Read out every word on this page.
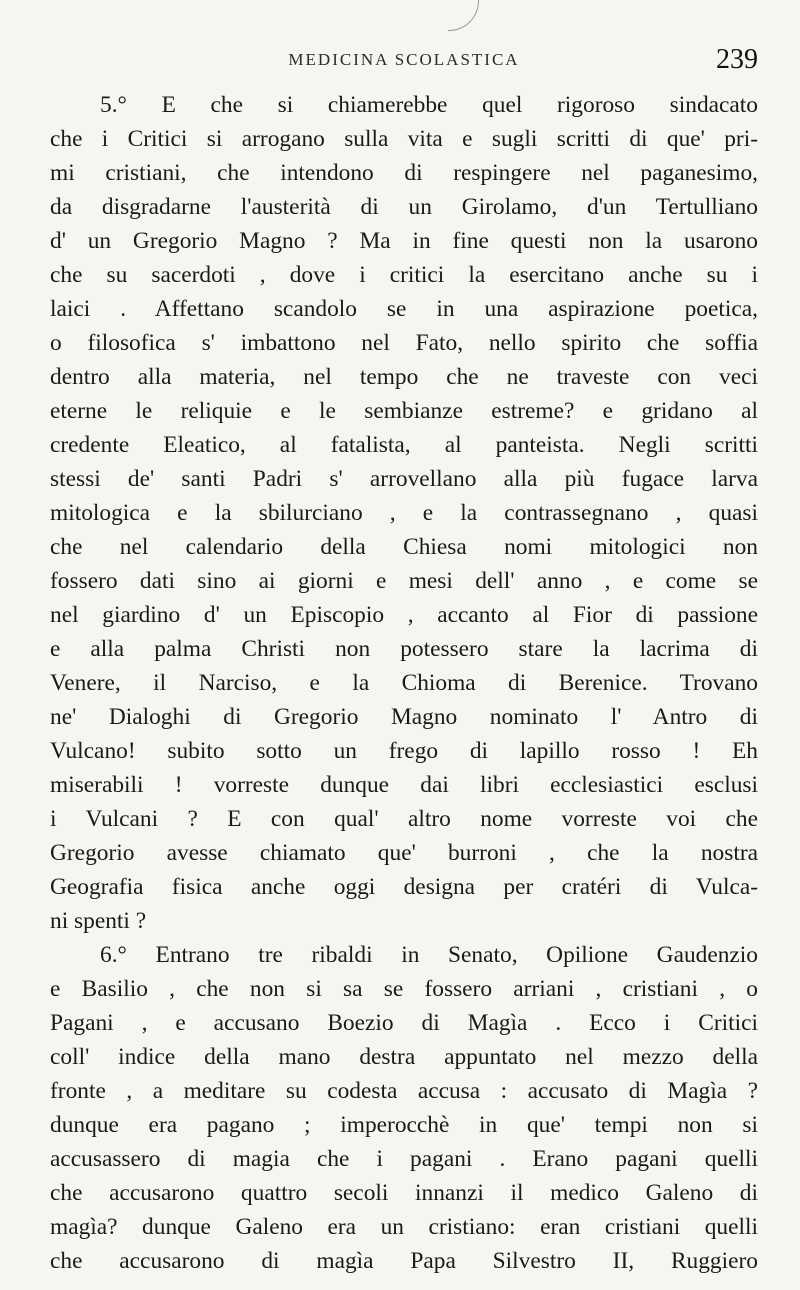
MEDICINA SCOLASTICA	239
5.° E che si chiamerebbe quel rigoroso sindacato
che i Critici si arrogano sulla vita e sugli scritti di que' pri-
mi cristiani, che intendono di respingere nel paganesimo,
da disgradarne l'austerità di un Girolamo, d'un Tertulliano
d' un Gregorio Magno ? Ma in fine questi non la usarono
che su sacerdoti , dove i critici la esercitano anche su i
laici . Affettano scandolo se in una aspirazione poetica,
o filosofica s' imbattono nel Fato, nello spirito che soffia
dentro alla materia, nel tempo che ne traveste con veci
eterne le reliquie e le sembianze estreme? e gridano al
credente Eleatico, al fatalista, al panteista. Negli scritti
stessi de' santi Padri s' arrovellano alla più fugace larva
mitologica e la sbilurciano , e la contrassegnano , quasi
che nel calendario della Chiesa nomi mitologici non
fossero dati sino ai giorni e mesi dell' anno , e come se
nel giardino d' un Episcopio , accanto al Fior di passione
e alla palma Christi non potessero stare la lacrima di
Venere, il Narciso, e la Chioma di Berenice. Trovano
ne' Dialoghi di Gregorio Magno nominato l' Antro di
Vulcano! subito sotto un frego di lapillo rosso ! Eh
miserabili ! vorreste dunque dai libri ecclesiastici esclusi
i Vulcani ? E con qual' altro nome vorreste voi che
Gregorio avesse chiamato que' burroni , che la nostra
Geografia fisica anche oggi designa per cratéri di Vulca-
ni spenti ?
6.° Entrano tre ribaldi in Senato, Opilione Gaudenzio
e Basilio , che non si sa se fossero arriani , cristiani , o
Pagani , e accusano Boezio di Magìa . Ecco i Critici
coll' indice della mano destra appuntato nel mezzo della
fronte , a meditare su codesta accusa : accusato di Magìa ?
dunque era pagano ; imperocchè in que' tempi non si
accusassero di magia che i pagani . Erano pagani quelli
che accusarono quattro secoli innanzi il medico Galeno di
magìa? dunque Galeno era un cristiano: eran cristiani quelli
che accusarono di magìa Papa Silvestro II, Ruggiero
